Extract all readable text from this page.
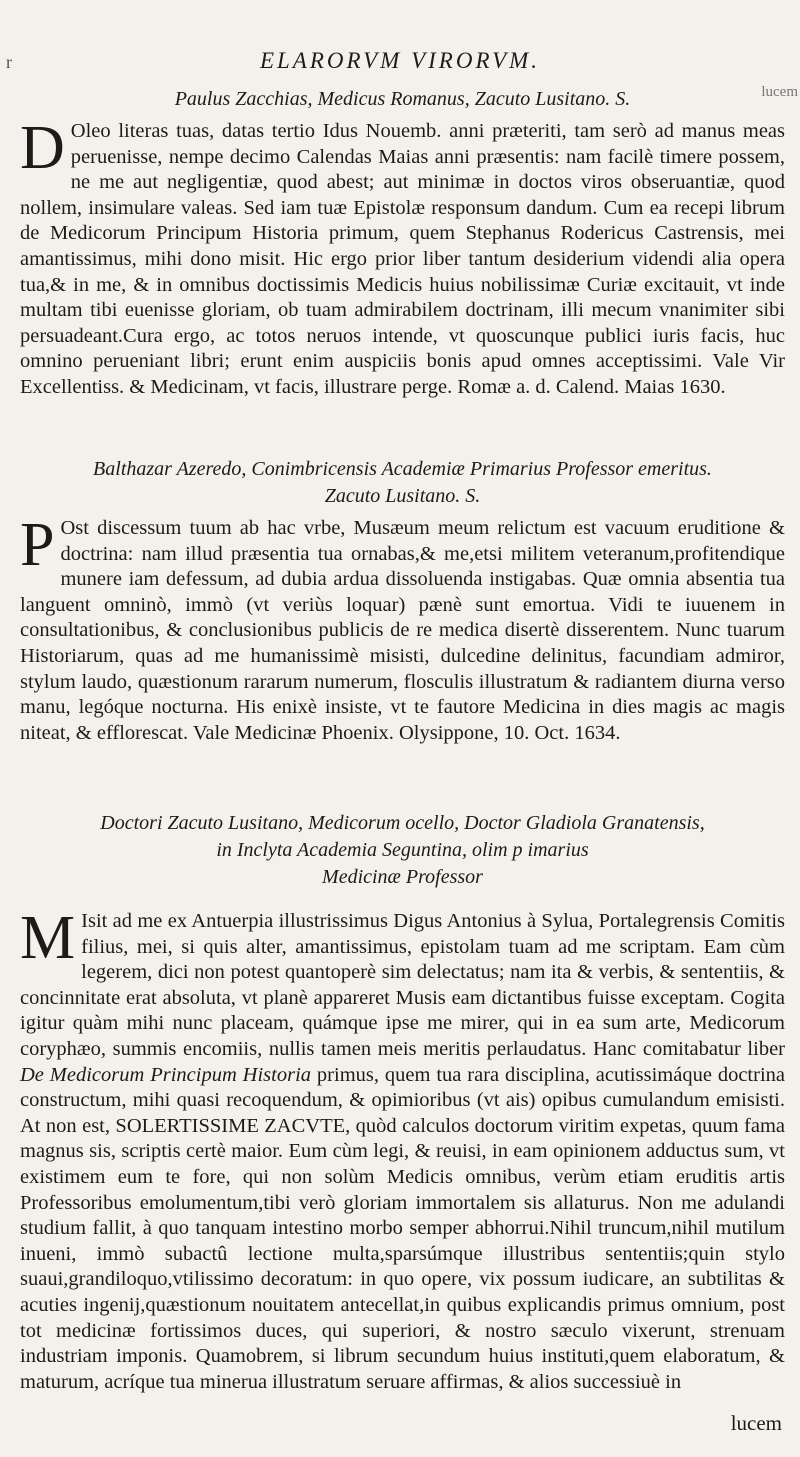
r
lucem
ELARORVM VIRORVM.
Paulus Zacchias, Medicus Romanus, Zacuto Lusitano. S.
D Oleo literas tuas, datas tertio Idus Nouemb. anni præteriti, tam serò ad manus meas peruenisse, nempe decimo Calendas Maias anni præsentis: nam facilè timere possem, ne me aut negligentiæ, quod abest; aut minimæ in doctos viros obseruantiæ, quod nollem, insimulare valeas. Sed iam tuæ Epistolæ responsum dandum. Cum ea recepi librum de Medicorum Principum Historia primum, quem Stephanus Rodericus Castrensis, mei amantissimus, mihi dono misit. Hic ergo prior liber tantum desiderium videndi alia opera tua,& in me, & in omnibus doctissimis Medicis huius nobilissimæ Curiæ excitauit, vt inde multam tibi euenisse gloriam, ob tuam admirabilem doctrinam, illi mecum vnanimiter sibi persuadeant.Cura ergo, ac totos neruos intende, vt quoscunque publici iuris facis, huc omnino perueniant libri; erunt enim auspiciis bonis apud omnes acceptissimi. Vale Vir Excellentiss. & Medicinam, vt facis, illustrare perge. Romæ a. d. Calend. Maias 1630.
Balthazar Azeredo, Conimbricensis Academiæ Primarius Professor emeritus.
Zacuto Lusitano. S.
P Ost discessum tuum ab hac vrbe, Musæum meum relictum est vacuum eruditione & doctrina: nam illud præsentia tua ornabas,& me,etsi militem veteranum,profitendique munere iam defessum, ad dubia ardua dissoluenda instigabas. Quæ omnia absentia tua languent omninò, immò (vt veriùs loquar) pænè sunt emortua. Vidi te iuuenem in consultationibus, & conclusionibus publicis de re medica disertè disserentem. Nunc tuarum Historiarum, quas ad me humanissimè misisti, dulcedine delinitus, facundiam admiror, stylum laudo, quæstionum rararum numerum, flosculis illustratum & radiantem diurna verso manu, legóque nocturna. His enixè insiste, vt te fautore Medicina in dies magis ac magis niteat, & efflorescat. Vale Medicinæ Phoenix. Olysippone, 10. Oct. 1634.
Doctori Zacuto Lusitano, Medicorum ocello, Doctor Gladiola Granatensis,
in Inclyta Academia Seguntina, olim p imarius
Medicinæ Professor
M Isit ad me ex Antuerpia illustrissimus Digus Antonius à Sylua, Portalegrensis Comitis filius, mei, si quis alter, amantissimus, epistolam tuam ad me scriptam. Eam cùm legerem, dici non potest quantoperè sim delectatus; nam ita & verbis, & sententiis, & concinnitate erat absoluta, vt planè appareret Musis eam dictantibus fuisse exceptam. Cogita igitur quàm mihi nunc placeam, quámque ipse me mirer, qui in ea sum arte, Medicorum coryphæo, summis encomiis, nullis tamen meis meritis perlaudatus. Hanc comitabatur liber De Medicorum Principum Historia primus, quem tua rara disciplina, acutissimáque doctrina constructum, mihi quasi recoquendum, & opimioribus (vt ais) opibus cumulandum emisisti. At non est, SOLERTISSIME ZACVTE, quòd calculos doctorum viritim expetas, quum fama magnus sis, scriptis certè maior. Eum cùm legi, & reuisi, in eam opinionem adductus sum, vt existimem eum te fore, qui non solùm Medicis omnibus, verùm etiam eruditis artis Professoribus emolumentum,tibi verò gloriam immortalem sis allaturus. Non me adulandi studium fallit, à quo tanquam intestino morbo semper abhorrui.Nihil truncum,nihil mutilum inueni, immò subactû lectione multa,sparsúmque illustribus sententiis;quin stylo suaui,grandiloquo,vtilissimo decoratum: in quo opere, vix possum iudicare, an subtilitas & acuties ingenij,quæstionum nouitatem antecellat,in quibus explicandis primus omnium, post tot medicinæ fortissimos duces, qui superiori, & nostro sæculo vixerunt, strenuam industriam imponis. Quamobrem, si librum secundum huius instituti,quem elaboratum, & maturum, acríque tua minerua illustratum seruare affirmas, & alios successiuè in
lucem
